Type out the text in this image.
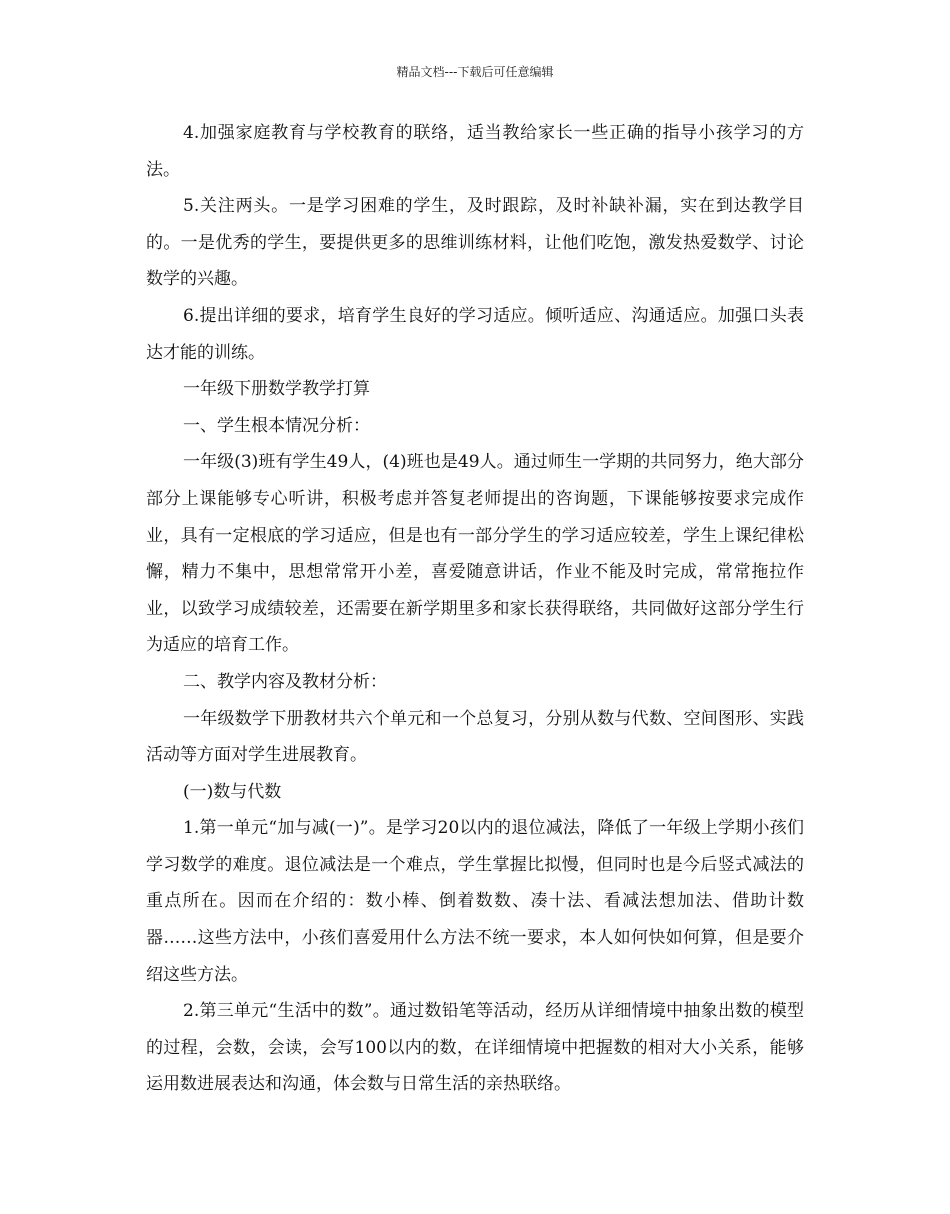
精品文档---下载后可任意编辑

4.加强家庭教育与学校教育的联络，适当教给家长一些正确的指导小孩学习的方法。

5.关注两头。一是学习困难的学生，及时跟踪，及时补缺补漏，实在到达教学目的。一是优秀的学生，要提供更多的思维训练材料，让他们吃饱，激发热爱数学、讨论数学的兴趣。

6.提出详细的要求，培育学生良好的学习适应。倾听适应、沟通适应。加强口头表达才能的训练。

一年级下册数学教学打算

一、学生根本情况分析：

一年级(3)班有学生49人，(4)班也是49人。通过师生一学期的共同努力，绝大部分部分上课能够专心听讲，积极考虑并答复老师提出的咨询题，下课能够按要求完成作业，具有一定根底的学习适应，但是也有一部分学生的学习适应较差，学生上课纪律松懈，精力不集中，思想常常开小差，喜爱随意讲话，作业不能及时完成，常常拖拉作业，以致学习成绩较差，还需要在新学期里多和家长获得联络，共同做好这部分学生行为适应的培育工作。

二、教学内容及教材分析：

一年级数学下册教材共六个单元和一个总复习，分别从数与代数、空间图形、实践活动等方面对学生进展教育。

(一)数与代数

1.第一单元“加与减(一)”。是学习20以内的退位减法，降低了一年级上学期小孩们学习数学的难度。退位减法是一个难点，学生掌握比拟慢，但同时也是今后竖式减法的重点所在。因而在介绍的：数小棒、倒着数数、凑十法、看减法想加法、借助计数器……这些方法中，小孩们喜爱用什么方法不统一要求，本人如何快如何算，但是要介绍这些方法。

2.第三单元“生活中的数”。通过数铅笔等活动，经历从详细情境中抽象出数的模型的过程，会数，会读，会写100以内的数，在详细情境中把握数的相对大小关系，能够运用数进展表达和沟通，体会数与日常生活的亲热联络。
